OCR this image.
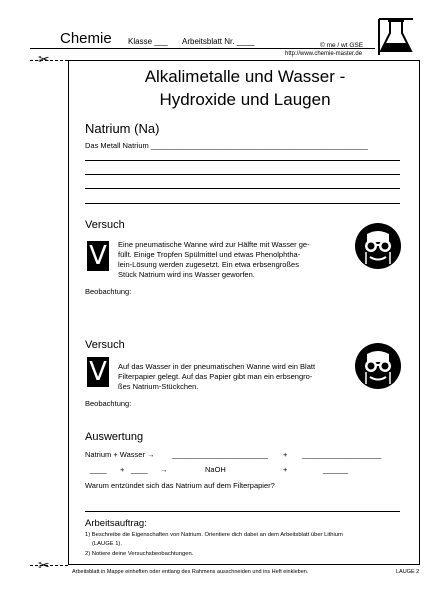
Chemie Klasse ___ Arbeitsblatt Nr. ____	© me / wt GSE
http://www.chemie-master.de
✂
✂
Alkalimetalle und Wasser -
Hydroxide und Laugen
Natrium (Na)
Das Metall Natrium ____________________________________________________
Versuch
V Eine pneumatische Wanne wird zur Hälfte mit Wasser ge-
füllt. Einige Tropfen Spülmittel und etwas Phenolphtha-
lein-Lösung werden zugesetzt. Ein etwa erbsengroßes
Stück Natrium wird ins Wasser geworfen.
Beobachtung:
Versuch
V Auf das Wasser in der pneumatischen Wanne wird ein Blatt
Filterpapier gelegt. Auf das Papier gibt man ein erbsengro-
ßes Natrium-Stückchen.
Beobachtung:
Auswertung
Natrium + Wasser → _______________________ + ___________________
____ + ____ →	NaOH	+	______
Warum entzündet sich das Natrium auf dem Filterpapier?
Arbeitsauftrag:
1) Beschreibe die Eigenschaften von Natrium. Orientiere dich dabei an dem Arbeitsblatt über Lithium
(LAUGE 1).
2) Notiere deine Versuchsbeobachtungen.
Arbeitsblatt in Mappe einheften oder entlang des Rahmens ausschneiden und ins Heft einkleben.	LAUGE 2
